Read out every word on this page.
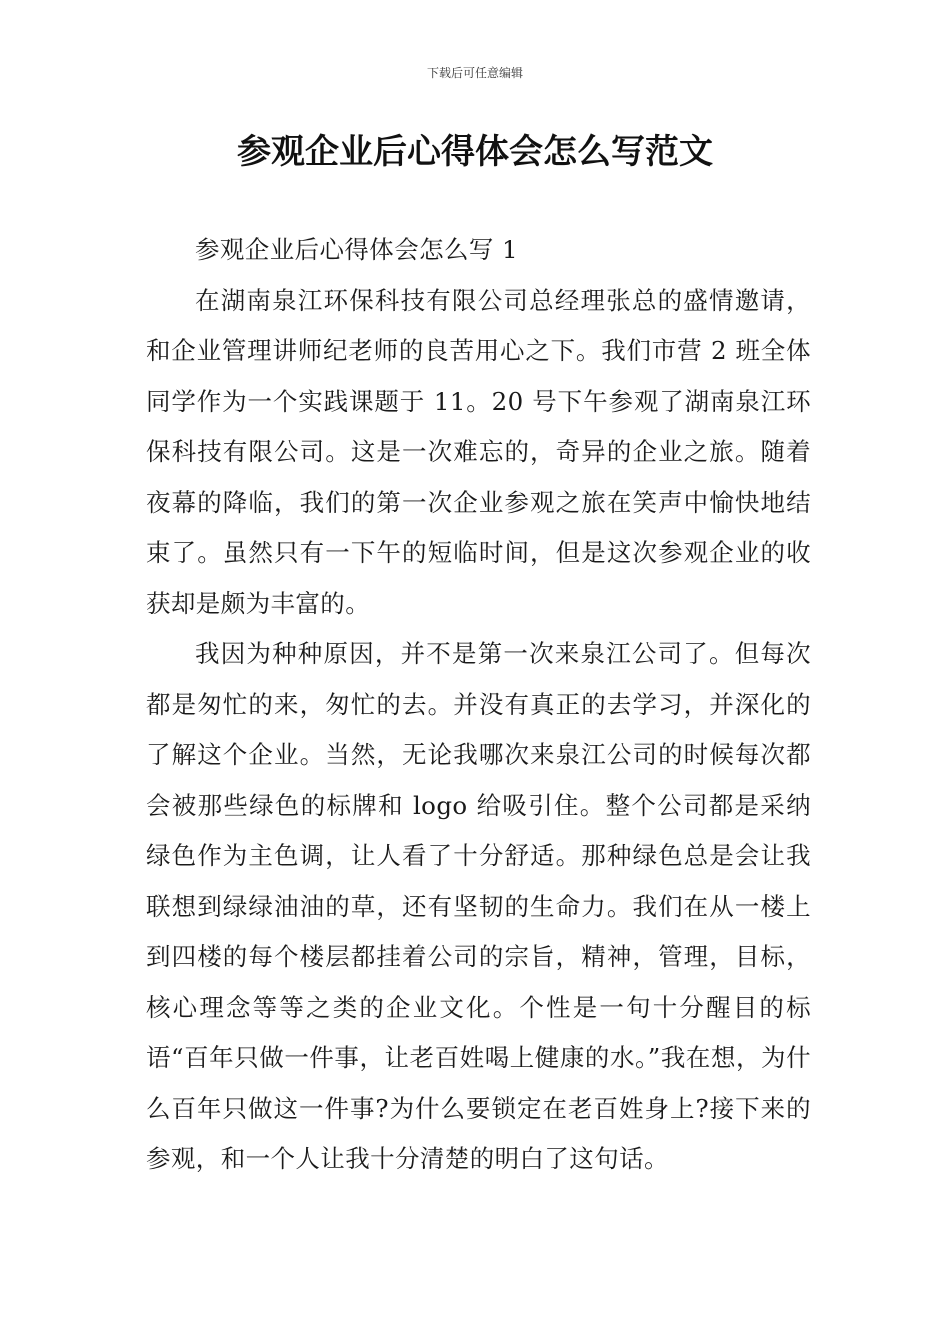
下载后可任意编辑
参观企业后心得体会怎么写范文

参观企业后心得体会怎么写 1

在湖南泉江环保科技有限公司总经理张总的盛情邀请，和企业管理讲师纪老师的良苦用心之下。我们市营 2 班全体同学作为一个实践课题于 11。20 号下午参观了湖南泉江环保科技有限公司。这是一次难忘的，奇异的企业之旅。随着夜幕的降临，我们的第一次企业参观之旅在笑声中愉快地结束了。虽然只有一下午的短临时间，但是这次参观企业的收获却是颇为丰富的。

我因为种种原因，并不是第一次来泉江公司了。但每次都是匆忙的来，匆忙的去。并没有真正的去学习，并深化的了解这个企业。当然，无论我哪次来泉江公司的时候每次都会被那些绿色的标牌和 logo 给吸引住。整个公司都是采纳绿色作为主色调，让人看了十分舒适。那种绿色总是会让我联想到绿绿油油的草，还有坚韧的生命力。我们在从一楼上到四楼的每个楼层都挂着公司的宗旨，精神，管理，目标，核心理念等等之类的企业文化。个性是一句十分醒目的标语“百年只做一件事，让老百姓喝上健康的水。”我在想，为什么百年只做这一件事?为什么要锁定在老百姓身上?接下来的参观，和一个人让我十分清楚的明白了这句话。
